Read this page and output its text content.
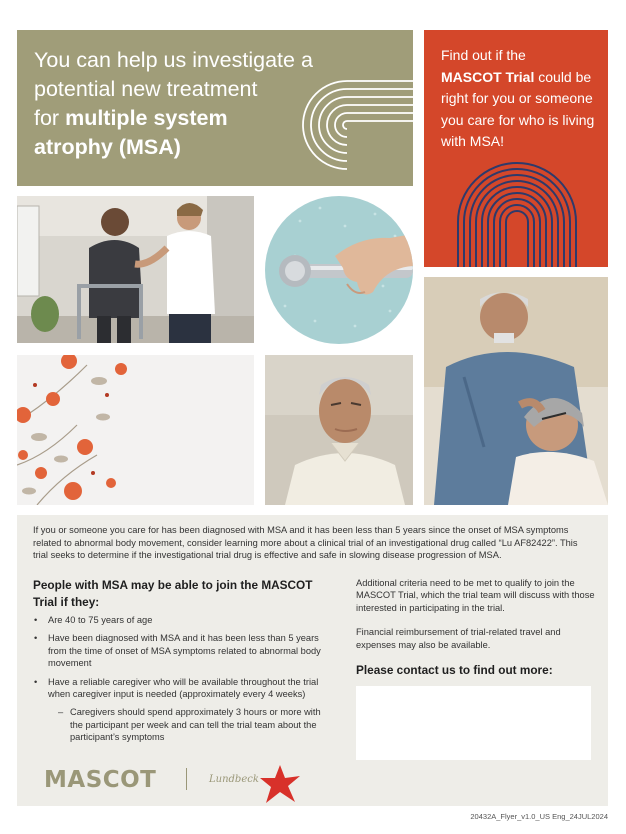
You can help us investigate a
potential new treatment
for multiple system
atrophy (MSA)

Find out if the
MASCOT Trial could be right for you or someone you care for who is living with MSA!

If you or someone you care for has been diagnosed with MSA and it has been less than 5 years since the onset of MSA symptoms related to abnormal body movement, consider learning more about a clinical trial of an investigational drug called “Lu AF82422”. This trial seeks to determine if the investigational trial drug is effective and safe in slowing disease progression of MSA.

People with MSA may be able to join the MASCOT Trial if they:
• Are 40 to 75 years of age
• Have been diagnosed with MSA and it has been less than 5 years from the time of onset of MSA symptoms related to abnormal body movement
• Have a reliable caregiver who will be available throughout the trial when caregiver input is needed (approximately every 4 weeks)
– Caregivers should spend approximately 3 hours or more with the participant per week and can tell the trial team about the participant’s symptoms

Additional criteria need to be met to qualify to join the MASCOT Trial, which the trial team will discuss with those interested in participating in the trial.

Financial reimbursement of trial-related travel and expenses may also be available.

Please contact us to find out more:
MASCOT	Lundbeck
20432A_Flyer_v1.0_US Eng_24JUL2024
